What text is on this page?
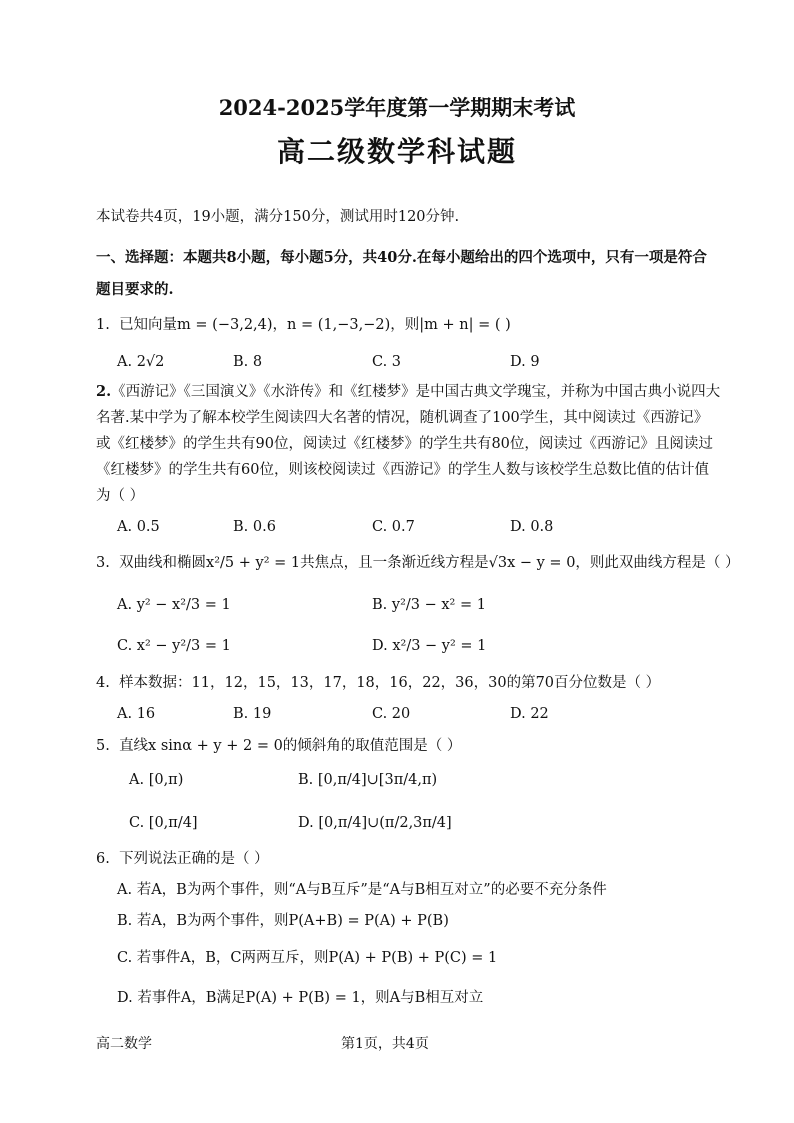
2024-2025学年度第一学期期末考试
高二级数学科试题
本试卷共4页，19小题，满分150分，测试用时120分钟.
一、选择题：本题共8小题，每小题5分，共40分.在每小题给出的四个选项中，只有一项是符合
题目要求的.
1. 已知向量m = (−3,2,4)，n = (1,−3,−2)，则|m + n| = ( )
A. 2√2	B. 8	C. 3	D. 9
2.《西游记》《三国演义》《水浒传》和《红楼梦》是中国古典文学瑰宝，并称为中国古典小说四大
名著.某中学为了解本校学生阅读四大名著的情况，随机调查了100学生，其中阅读过《西游记》
或《红楼梦》的学生共有90位，阅读过《红楼梦》的学生共有80位，阅读过《西游记》且阅读过
《红楼梦》的学生共有60位，则该校阅读过《西游记》的学生人数与该校学生总数比值的估计值
为（ ）
A. 0.5	B. 0.6	C. 0.7	D. 0.8
3. 双曲线和椭圆x²/5 + y² = 1共焦点，且一条渐近线方程是√3x − y = 0，则此双曲线方程是（ ）
A. y² − x²/3 = 1	B. y²/3 − x² = 1
C. x² − y²/3 = 1	D. x²/3 − y² = 1
4. 样本数据：11，12，15，13，17，18，16，22，36，30的第70百分位数是（ ）
A. 16	B. 19	C. 20	D. 22
5. 直线x sinα + y + 2 = 0的倾斜角的取值范围是（ ）
A. [0,π)	B. [0,π/4]∪[3π/4,π)
C. [0,π/4]	D. [0,π/4]∪(π/2,3π/4]
6. 下列说法正确的是（ ）
A. 若A，B为两个事件，则“A与B互斥”是“A与B相互对立”的必要不充分条件
B. 若A，B为两个事件，则P(A+B) = P(A) + P(B)
C. 若事件A，B，C两两互斥，则P(A) + P(B) + P(C) = 1
D. 若事件A，B满足P(A) + P(B) = 1，则A与B相互对立
高二数学	第1页，共4页
